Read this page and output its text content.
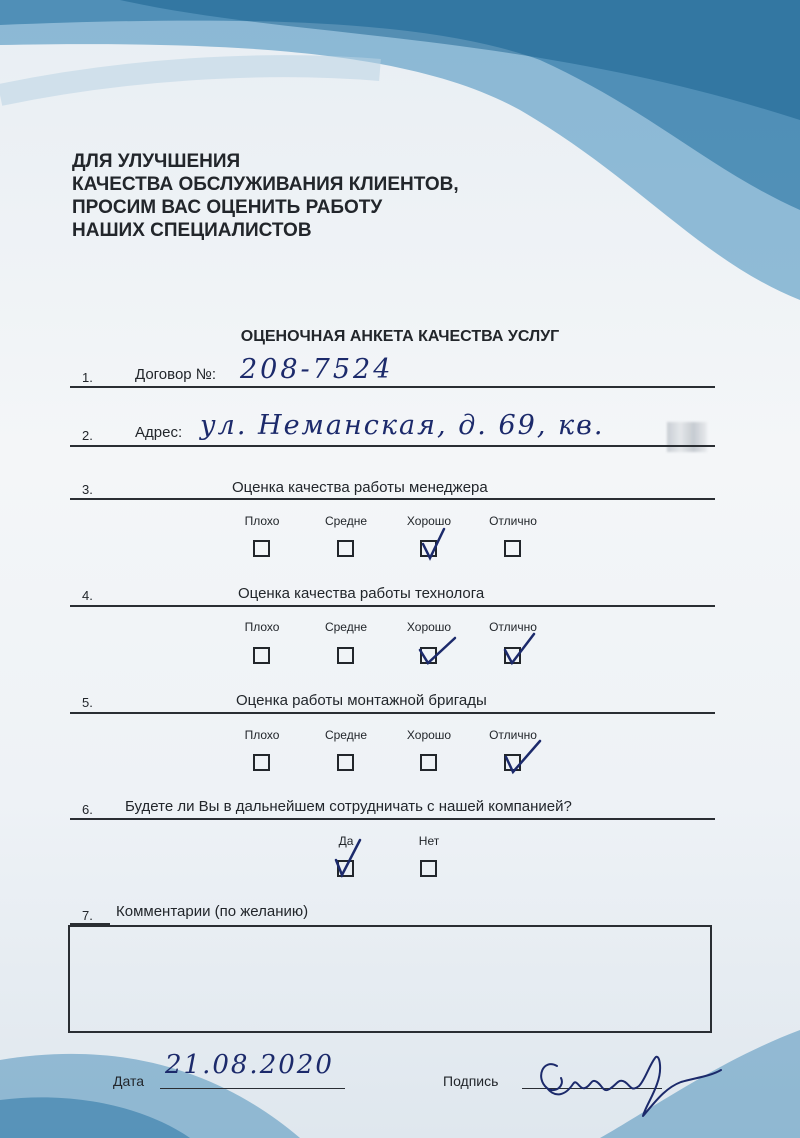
ДЛЯ УЛУЧШЕНИЯ
КАЧЕСТВА ОБСЛУЖИВАНИЯ КЛИЕНТОВ,
ПРОСИМ ВАС ОЦЕНИТЬ РАБОТУ
НАШИХ СПЕЦИАЛИСТОВ
ОЦЕНОЧНАЯ АНКЕТА КАЧЕСТВА УСЛУГ
1.	Договор №: 208-7524
2.	Адрес: ул. Неманская, д. 69, кв.
3.	Оценка качества работы менеджера
Плохо	Средне	Хорошо	Отлично
4.	Оценка качества работы технолога
Плохо	Средне	Хорошо	Отлично
5.	Оценка работы монтажной бригады
Плохо	Средне	Хорошо	Отлично
6. Будете ли Вы в дальнейшем сотрудничать с нашей компанией?
Да	Нет
7. Комментарии (по желанию)
Дата
21.08.2020
Подпись
